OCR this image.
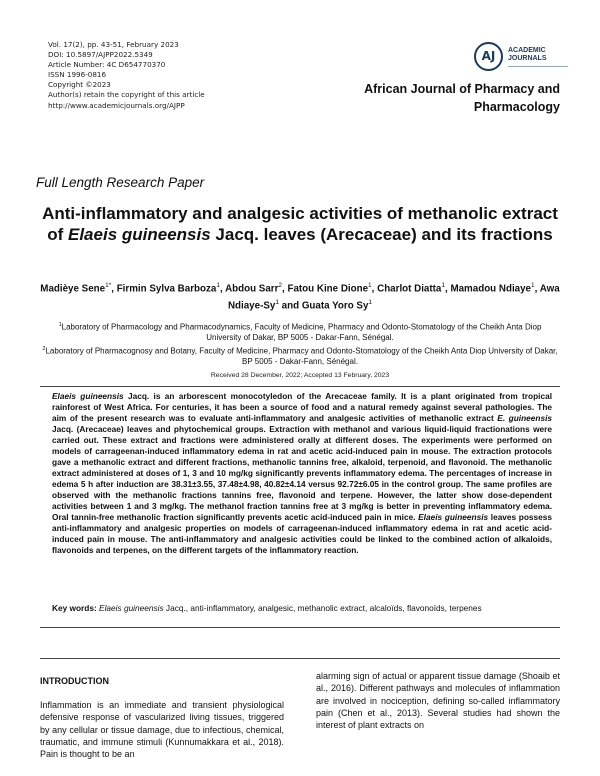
Vol. 17(2), pp. 43-51, February 2023
DOI: 10.5897/AJPP2022.5349
Article Number: 4C D654770370
ISSN 1996-0816
Copyright ©2023
Author(s) retain the copyright of this article
http://www.academicjournals.org/AJPP
AJ	ACADEMIC
JOURNALS
African Journal of Pharmacy and
Pharmacology
Full Length Research Paper
Anti-inflammatory and analgesic activities of methanolic extract of Elaeis guineensis Jacq. leaves (Arecaceae) and its fractions
Madièye Sene$^{1*}$, Firmin Sylva Barboza$^1$, Abdou Sarr$^2$, Fatou Kine Dione$^1$, Charlot Diatta$^1$, Mamadou Ndiaye$^1$, Awa Ndiaye-Sy$^1$ and Guata Yoro Sy$^1$
$^1$Laboratory of Pharmacology and Pharmacodynamics, Faculty of Medicine, Pharmacy and Odonto-Stomatology of the Cheikh Anta Diop University of Dakar, BP 5005 - Dakar-Fann, Sénégal.
$^2$Laboratory of Pharmacognosy and Botany, Faculty of Medicine, Pharmacy and Odonto-Stomatology of the Cheikh Anta Diop University of Dakar, BP 5005 - Dakar-Fann, Sénégal.
Received 28 December, 2022; Accepted 13 February, 2023

Elaeis guineensis Jacq. is an arborescent monocotyledon of the Arecaceae family. It is a plant originated from tropical rainforest of West Africa. For centuries, it has been a source of food and a natural remedy against several pathologies. The aim of the present research was to evaluate anti-inflammatory and analgesic activities of methanolic extract E. guineensis Jacq. (Arecaceae) leaves and phytochemical groups. Extraction with methanol and various liquid-liquid fractionations were carried out. These extract and fractions were administered orally at different doses. The experiments were performed on models of carrageenan-induced inflammatory edema in rat and acetic acid-induced pain in mouse. The extraction protocols gave a methanolic extract and different fractions, methanolic tannins free, alkaloid, terpenoid, and flavonoid. The methanolic extract administered at doses of 1, 3 and 10 mg/kg significantly prevents inflammatory edema. The percentages of increase in edema 5 h after induction are 38.31±3.55, 37.48±4.98, 40.82±4.14 versus 92.72±6.05 in the control group. The same profiles are observed with the methanolic fractions tannins free, flavonoid and terpene. However, the latter show dose-dependent activities between 1 and 3 mg/kg. The methanol fraction tannins free at 3 mg/kg is better in preventing inflammatory edema. Oral tannin-free methanolic fraction significantly prevents acetic acid-induced pain in mice. Elaeis guineensis leaves possess anti-inflammatory and analgesic properties on models of carrageenan-induced inflammatory edema in rat and acetic acid-induced pain in mouse. The anti-inflammatory and analgesic activities could be linked to the combined action of alkaloids, flavonoids and terpenes, on the different targets of the inflammatory reaction.

Key words: Elaeis guineensis Jacq., anti-inflammatory, analgesic, methanolic extract, alcaloïds, flavonoïds, terpenes

INTRODUCTION

Inflammation is an immediate and transient physiological defensive response of vascularized living tissues, triggered by any cellular or tissue damage, due to infectious, chemical, traumatic, and immune stimuli (Kunnumakkara et al., 2018). Pain is thought to be an

alarming sign of actual or apparent tissue damage (Shoaib et al., 2016). Different pathways and molecules of inflammation are involved in nociception, defining so-called inflammatory pain (Chen et al., 2013). Several studies had shown the interest of plant extracts on
